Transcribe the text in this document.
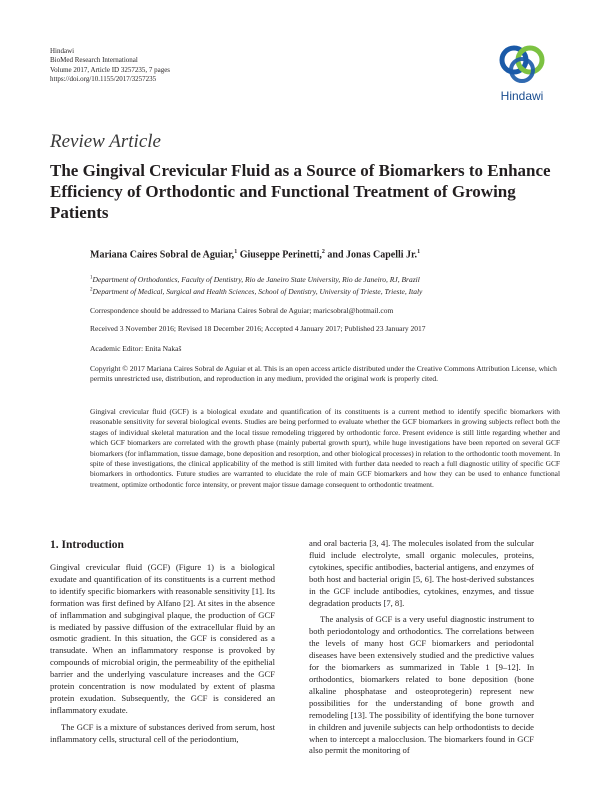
Hindawi
BioMed Research International
Volume 2017, Article ID 3257235, 7 pages
https://doi.org/10.1155/2017/3257235
Hindawi
Review Article
The Gingival Crevicular Fluid as a Source of Biomarkers to Enhance Efficiency of Orthodontic and Functional Treatment of Growing Patients
Mariana Caires Sobral de Aguiar,$^1$ Giuseppe Perinetti,$^2$ and Jonas Capelli Jr.$^1$
$^1$Department of Orthodontics, Faculty of Dentistry, Rio de Janeiro State University, Rio de Janeiro, RJ, Brazil
$^2$Department of Medical, Surgical and Health Sciences, School of Dentistry, University of Trieste, Trieste, Italy
Correspondence should be addressed to Mariana Caires Sobral de Aguiar; maricsobral@hotmail.com
Received 3 November 2016; Revised 18 December 2016; Accepted 4 January 2017; Published 23 January 2017
Academic Editor: Enita Nakaš
Copyright © 2017 Mariana Caires Sobral de Aguiar et al. This is an open access article distributed under the Creative Commons Attribution License, which permits unrestricted use, distribution, and reproduction in any medium, provided the original work is properly cited.
Gingival crevicular fluid (GCF) is a biological exudate and quantification of its constituents is a current method to identify specific biomarkers with reasonable sensitivity for several biological events. Studies are being performed to evaluate whether the GCF biomarkers in growing subjects reflect both the stages of individual skeletal maturation and the local tissue remodeling triggered by orthodontic force. Present evidence is still little regarding whether and which GCF biomarkers are correlated with the growth phase (mainly pubertal growth spurt), while huge investigations have been reported on several GCF biomarkers (for inflammation, tissue damage, bone deposition and resorption, and other biological processes) in relation to the orthodontic tooth movement. In spite of these investigations, the clinical applicability of the method is still limited with further data needed to reach a full diagnostic utility of specific GCF biomarkers in orthodontics. Future studies are warranted to elucidate the role of main GCF biomarkers and how they can be used to enhance functional treatment, optimize orthodontic force intensity, or prevent major tissue damage consequent to orthodontic treatment.
1. Introduction

Gingival crevicular fluid (GCF) (Figure 1) is a biological exudate and quantification of its constituents is a current method to identify specific biomarkers with reasonable sensitivity [1]. Its formation was first defined by Alfano [2]. At sites in the absence of inflammation and subgingival plaque, the production of GCF is mediated by passive diffusion of the extracellular fluid by an osmotic gradient. In this situation, the GCF is considered as a transudate. When an inflammatory response is provoked by compounds of microbial origin, the permeability of the epithelial barrier and the underlying vasculature increases and the GCF protein concentration is now modulated by extent of plasma protein exudation. Subsequently, the GCF is considered an inflammatory exudate.

The GCF is a mixture of substances derived from serum, host inflammatory cells, structural cell of the periodontium,

and oral bacteria [3, 4]. The molecules isolated from the sulcular fluid include electrolyte, small organic molecules, proteins, cytokines, specific antibodies, bacterial antigens, and enzymes of both host and bacterial origin [5, 6]. The host-derived substances in the GCF include antibodies, cytokines, enzymes, and tissue degradation products [7, 8].

The analysis of GCF is a very useful diagnostic instrument to both periodontology and orthodontics. The correlations between the levels of many host GCF biomarkers and periodontal diseases have been extensively studied and the predictive values for the biomarkers as summarized in Table 1 [9–12]. In orthodontics, biomarkers related to bone deposition (bone alkaline phosphatase and osteoprotegerin) represent new possibilities for the understanding of bone growth and remodeling [13]. The possibility of identifying the bone turnover in children and juvenile subjects can help orthodontists to decide when to intercept a malocclusion. The biomarkers found in GCF also permit the monitoring of
